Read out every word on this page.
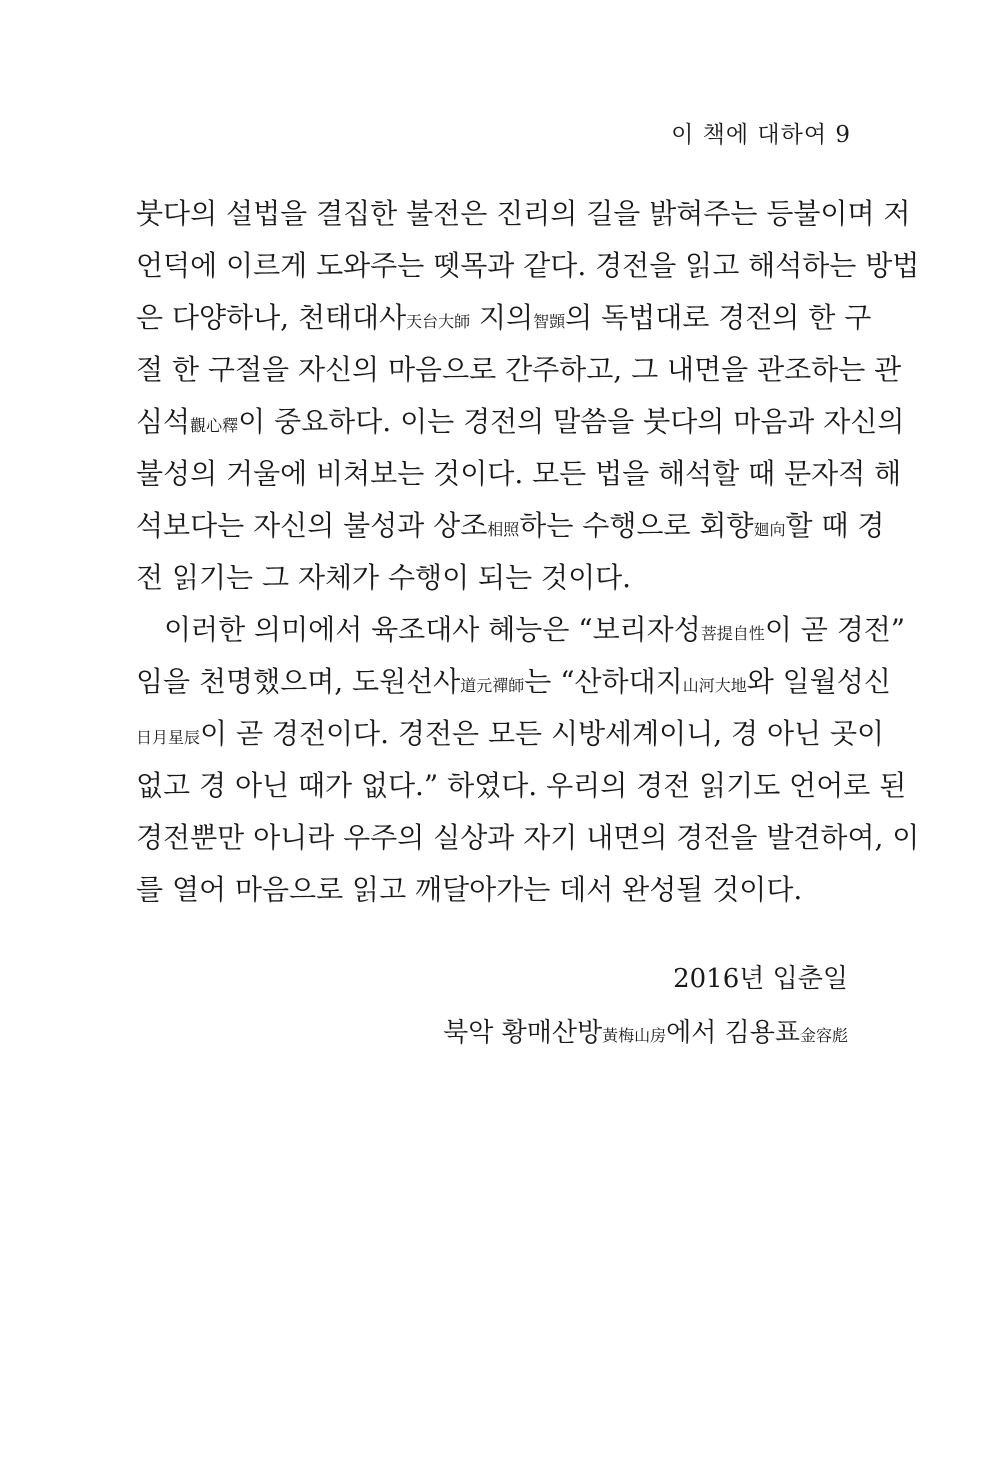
이 책에 대하여 9
붓다의 설법을 결집한 불전은 진리의 길을 밝혀주는 등불이며 저
언덕에 이르게 도와주는 뗏목과 같다. 경전을 읽고 해석하는 방법
은 다양하나, 천태대사天台大師 지의智顗의 독법대로 경전의 한 구
절 한 구절을 자신의 마음으로 간주하고, 그 내면을 관조하는 관
심석觀心釋이 중요하다. 이는 경전의 말씀을 붓다의 마음과 자신의
불성의 거울에 비쳐보는 것이다. 모든 법을 해석할 때 문자적 해
석보다는 자신의 불성과 상조相照하는 수행으로 회향廻向할 때 경
전 읽기는 그 자체가 수행이 되는 것이다.
이러한 의미에서 육조대사 혜능은 “보리자성菩提自性이 곧 경전”
임을 천명했으며, 도원선사道元禪師는 “산하대지山河大地와 일월성신
日月星辰이 곧 경전이다. 경전은 모든 시방세계이니, 경 아닌 곳이
없고 경 아닌 때가 없다.” 하였다. 우리의 경전 읽기도 언어로 된
경전뿐만 아니라 우주의 실상과 자기 내면의 경전을 발견하여, 이
를 열어 마음으로 읽고 깨달아가는 데서 완성될 것이다.
2016년 입춘일
북악 황매산방黃梅山房에서 김용표金容彪
